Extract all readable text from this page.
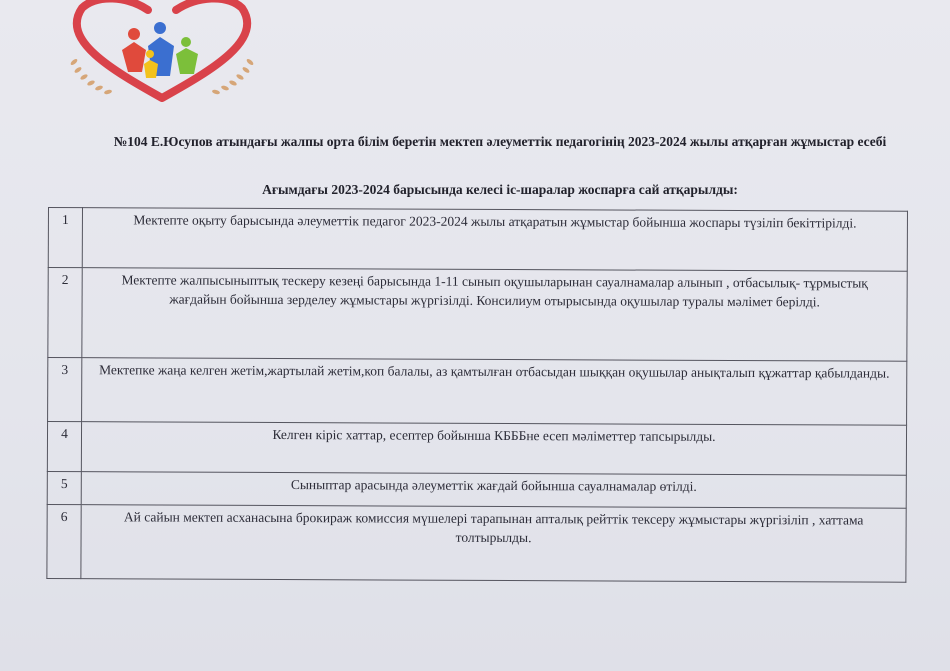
№104 Е.Юсупов атындағы жалпы орта білім беретін мектеп әлеуметтік педагогінің 2023-2024 жылы атқарған жұмыстар есебі
Ағымдағы 2023-2024 барысында келесі іс-шаралар жоспарға сай атқарылды:
1	Мектепте оқыту барысында әлеуметтік педагог 2023-2024 жылы атқаратын жұмыстар бойынша жоспары түзіліп бекіттірілді.
2	Мектепте жалпысыныптық тескеру кезеңі барысында 1-11 сынып оқушыларынан сауалнамалар алынып , отбасылық- тұрмыстық жағдайын бойынша зерделеу жұмыстары жүргізілді. Консилиум отырысында оқушылар туралы мәлімет берілді.
3	Мектепке жаңа келген жетім,жартылай жетім,коп балалы, аз қамтылған отбасыдан шыққан оқушылар анықталып құжаттар қабылданды.
4	Келген кіріс хаттар, есептер бойынша КБББне есеп мәліметтер тапсырылды.
5	Сыныптар арасында әлеуметтік жағдай бойынша сауалнамалар өтілді.
6	Ай сайын мектеп асханасына брокираж комиссия мүшелері тарапынан апталық рейттік тексеру жұмыстары жүргізіліп , хаттама толтырылды.
